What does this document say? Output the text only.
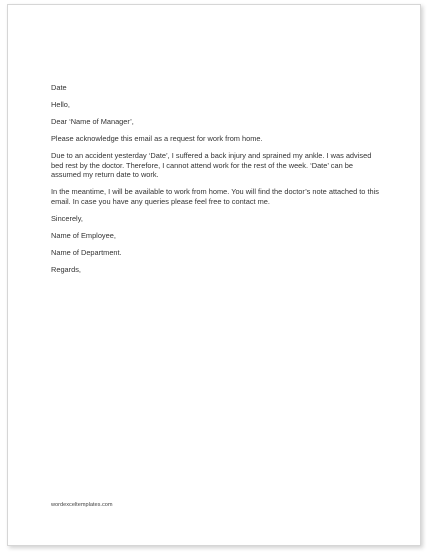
Date

Hello,

Dear ‘Name of Manager’,

Please acknowledge this email as a request for work from home.

Due to an accident yesterday ‘Date’, I suffered a back injury and sprained my ankle. I was advised bed rest by the doctor. Therefore, I cannot attend work for the rest of the week. ‘Date’ can be assumed my return date to work.

In the meantime, I will be available to work from home. You will find the doctor’s note attached to this email. In case you have any queries please feel free to contact me.

Sincerely,

Name of Employee,

Name of Department.

Regards,

wordexceltemplates.com
